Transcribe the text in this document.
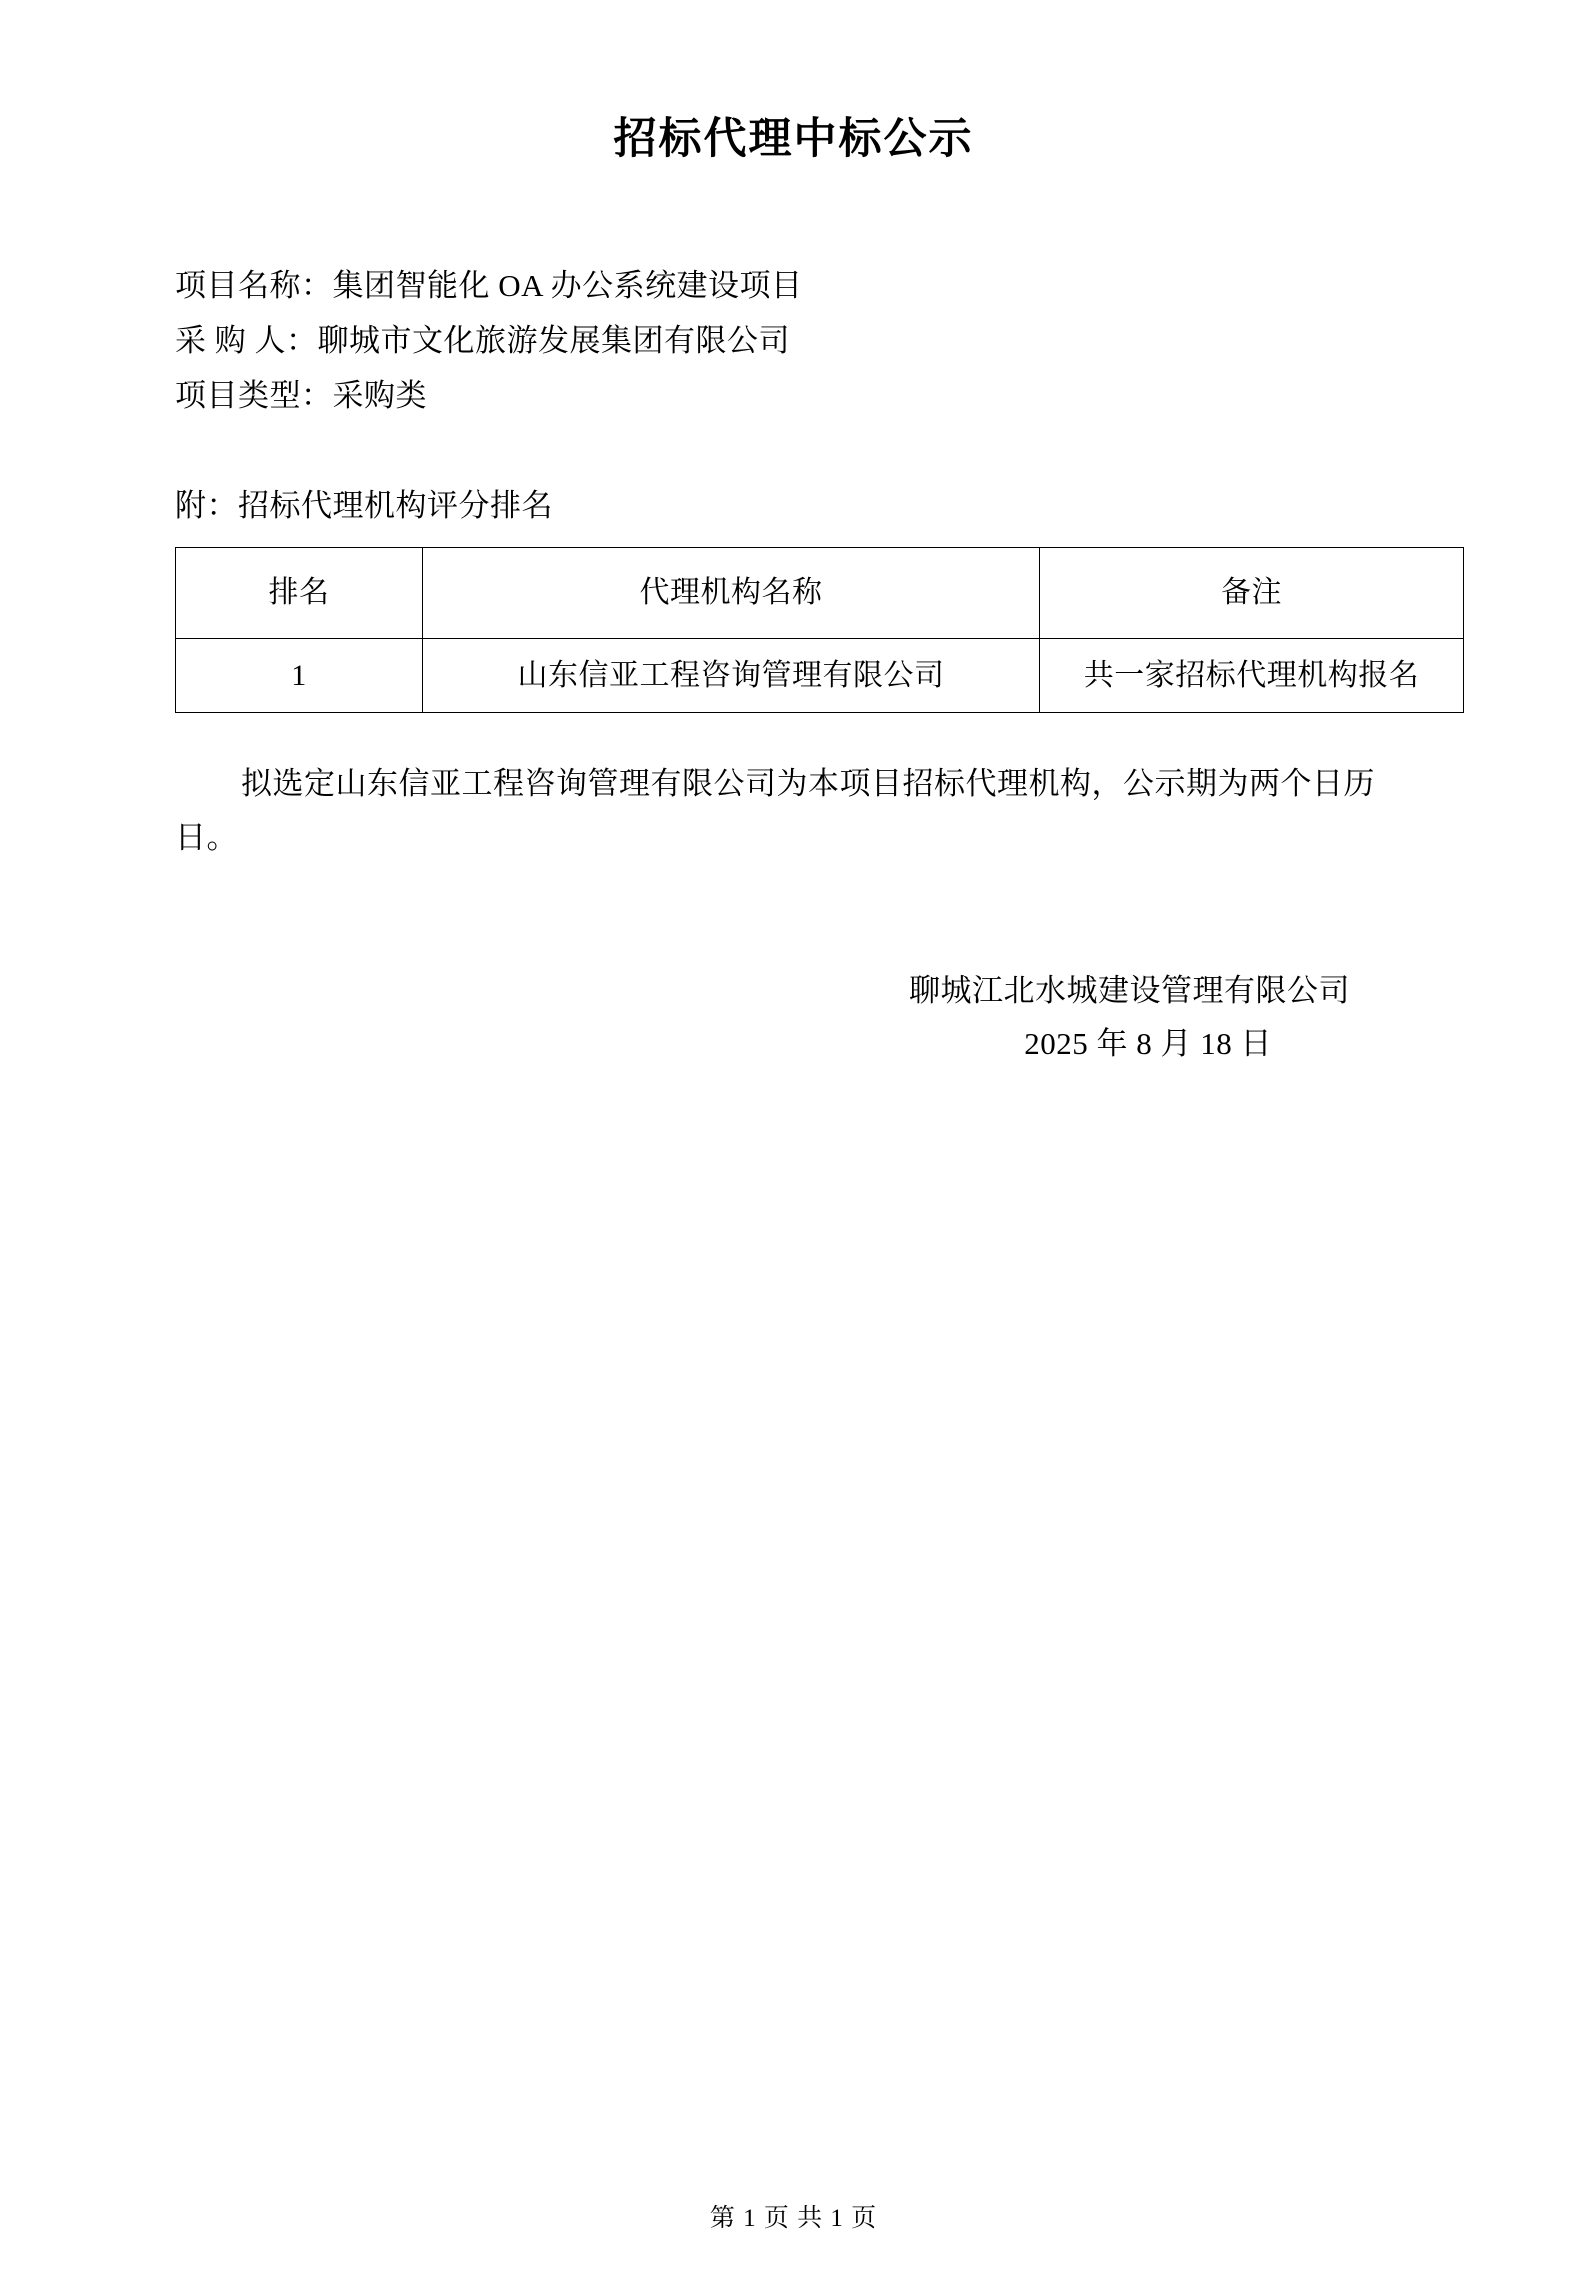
招标代理中标公示
项目名称：集团智能化 OA 办公系统建设项目
采 购 人：聊城市文化旅游发展集团有限公司
项目类型：采购类
附：招标代理机构评分排名
排名	代理机构名称	备注
1	山东信亚工程咨询管理有限公司	共一家招标代理机构报名
拟选定山东信亚工程咨询管理有限公司为本项目招标代理机构，公示期为两个日历日。
聊城江北水城建设管理有限公司
2025 年 8 月 18 日
第 1 页 共 1 页
